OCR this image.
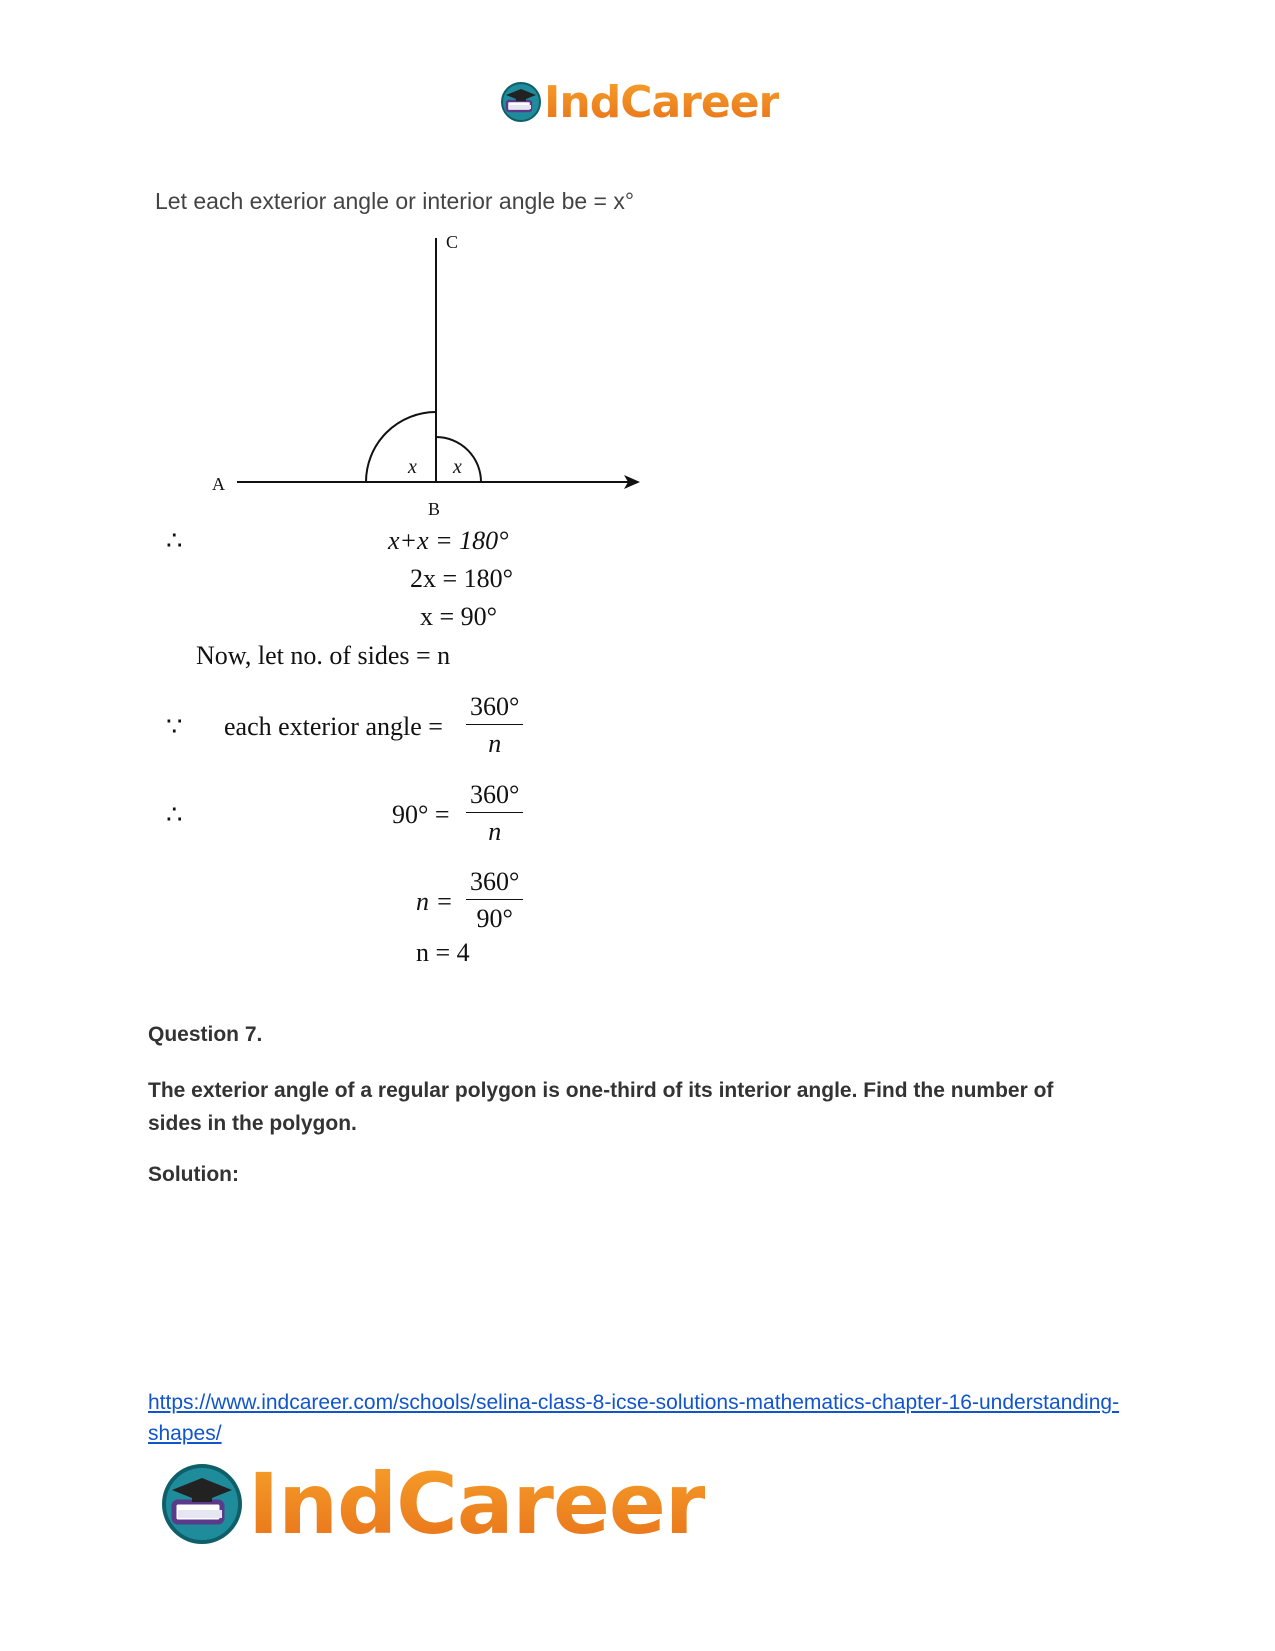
IndCareer
Let each exterior angle or interior angle be = x°
A
B
C
x x
∴	x+x = 180°
2x = 180°
x = 90°
Now, let no. of sides = n
∵ each exterior angle = $\frac{360^\circ}{n}$
∴	$90^\circ = \frac{360^\circ}{n}$
$n = \frac{360^\circ}{90^\circ}$
n = 4
Question 7.
The exterior angle of a regular polygon is one-third of its interior angle. Find the number of sides in the polygon.
Solution:
https://www.indcareer.com/schools/selina-class-8-icse-solutions-mathematics-chapter-16-understanding-shapes/
IndCareer
